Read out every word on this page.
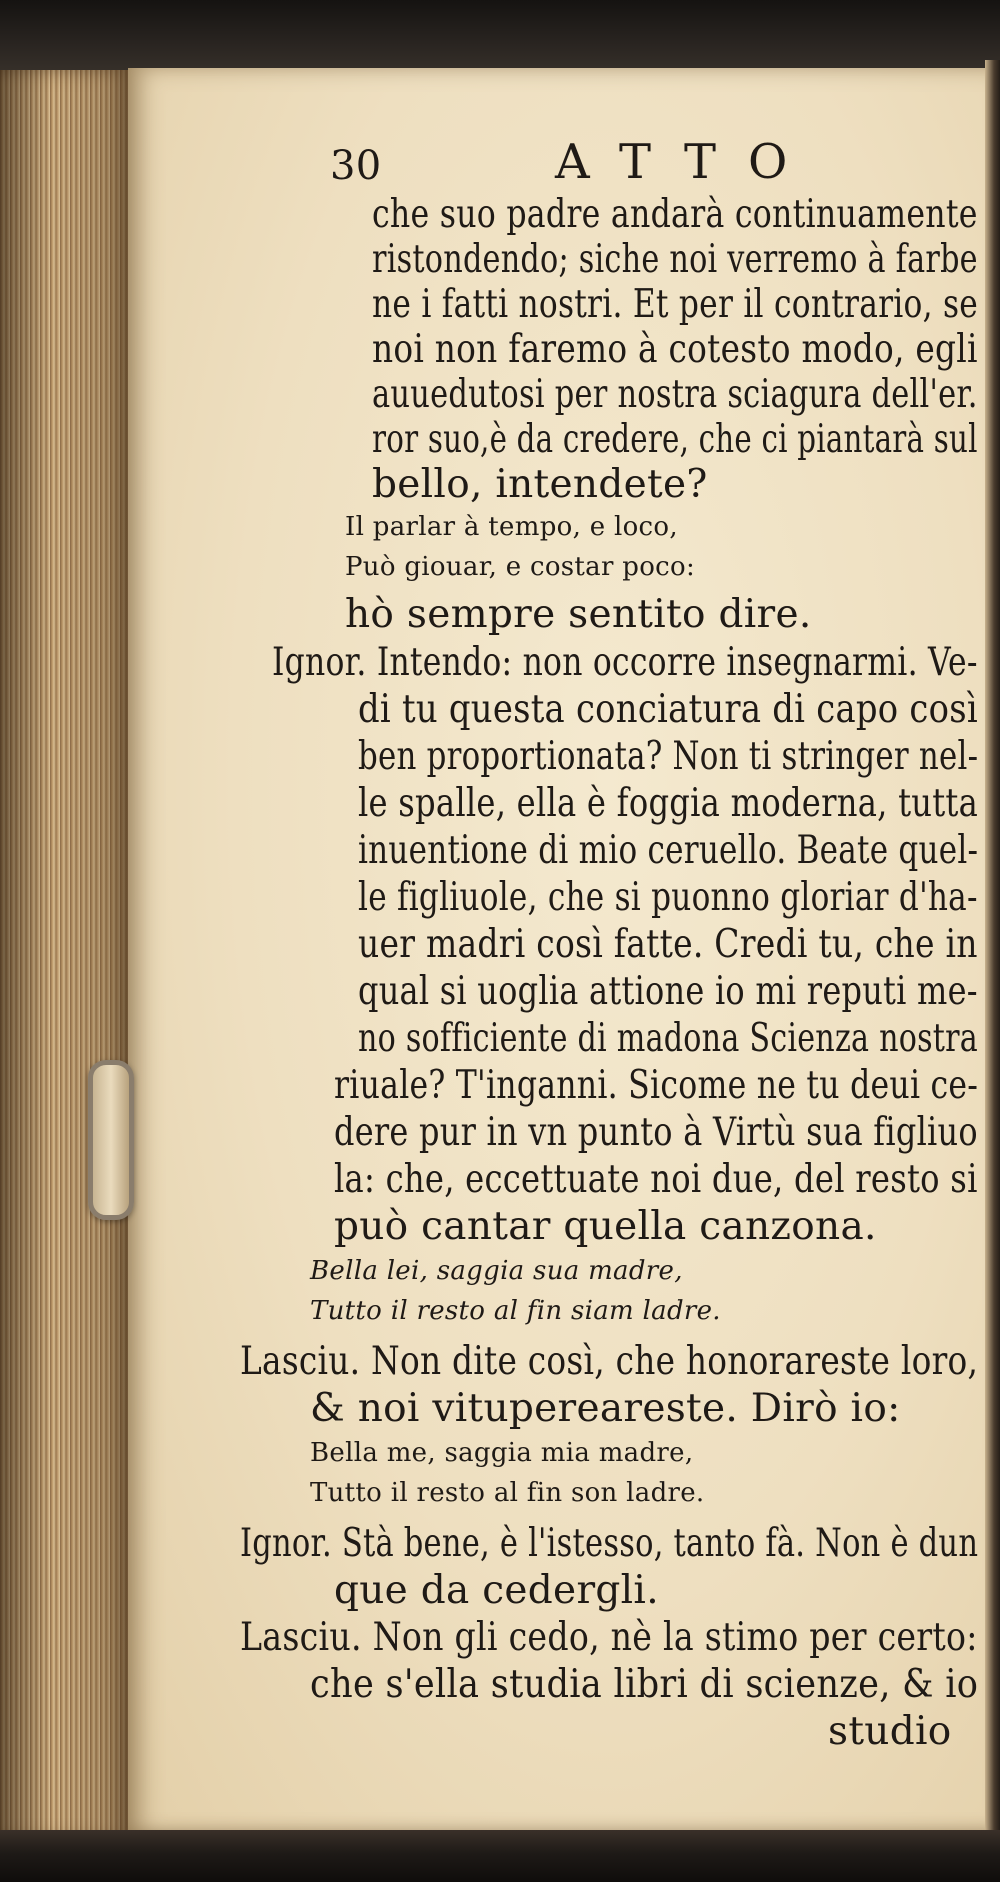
30	ATTO
che suo padre andarà continuamente
ristondendo; siche noi verremo à farbe
ne i fatti nostri. Et per il contrario, se
noi non faremo à cotesto modo, egli
auuedutosi per nostra sciagura dell'er.
ror suo,è da credere, che ci piantarà sul
bello, intendete?
Il parlar à tempo, e loco,
Può giouar, e costar poco:
hò sempre sentito dire.
Ignor. Intendo: non occorre insegnarmi. Ve-
di tu questa conciatura di capo così
ben proportionata? Non ti stringer nel-
le spalle, ella è foggia moderna, tutta
inuentione di mio ceruello. Beate quel-
le figliuole, che si puonno gloriar d'ha-
uer madri così fatte. Credi tu, che in
qual si uoglia attione io mi reputi me-
no sofficiente di madona Scienza nostra
riuale? T'inganni. Sicome ne tu deui ce-
dere pur in vn punto à Virtù sua figliuo
la: che, eccettuate noi due, del resto si
può cantar quella canzona.
Bella lei, saggia sua madre,
Tutto il resto al fin siam ladre.
Lasciu. Non dite così, che honorareste loro,
& noi vitupereareste. Dirò io:
Bella me, saggia mia madre,
Tutto il resto al fin son ladre.
Ignor. Stà bene, è l'istesso, tanto fà. Non è dun
que da cedergli.
Lasciu. Non gli cedo, nè la stimo per certo:
che s'ella studia libri di scienze, & io
studio
